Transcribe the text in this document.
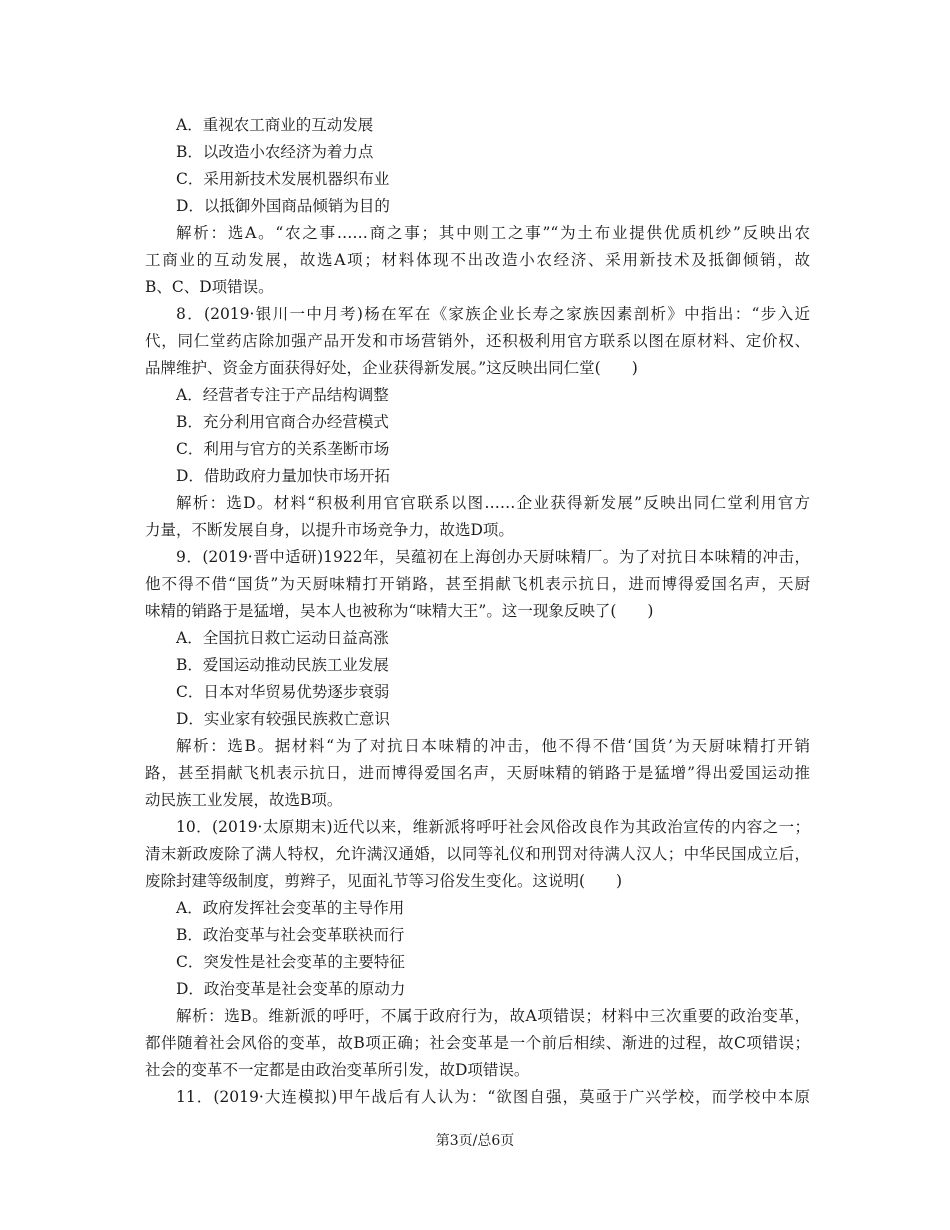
A．重视农工商业的互动发展
B．以改造小农经济为着力点
C．采用新技术发展机器织布业
D．以抵御外国商品倾销为目的
解析：选A。“农之事……商之事；其中则工之事”“为土布业提供优质机纱”反映出农
工商业的互动发展，故选A项；材料体现不出改造小农经济、采用新技术及抵御倾销，故
B、C、D项错误。
8．(2019·银川一中月考)杨在军在《家族企业长寿之家族因素剖析》中指出：“步入近
代，同仁堂药店除加强产品开发和市场营销外，还积极利用官方联系以图在原材料、定价权、
品牌维护、资金方面获得好处，企业获得新发展。”这反映出同仁堂(　　)
A．经营者专注于产品结构调整
B．充分利用官商合办经营模式
C．利用与官方的关系垄断市场
D．借助政府力量加快市场开拓
解析：选D。材料“积极利用官官联系以图……企业获得新发展”反映出同仁堂利用官方
力量，不断发展自身，以提升市场竞争力，故选D项。
9．(2019·晋中适研)1922年，吴蕴初在上海创办天厨味精厂。为了对抗日本味精的冲击，
他不得不借“国货”为天厨味精打开销路，甚至捐献飞机表示抗日，进而博得爱国名声，天厨
味精的销路于是猛增，吴本人也被称为“味精大王”。这一现象反映了(　　)
A．全国抗日救亡运动日益高涨
B．爱国运动推动民族工业发展
C．日本对华贸易优势逐步衰弱
D．实业家有较强民族救亡意识
解析：选B。据材料“为了对抗日本味精的冲击，他不得不借‘国货’为天厨味精打开销
路，甚至捐献飞机表示抗日，进而博得爱国名声，天厨味精的销路于是猛增”得出爱国运动推
动民族工业发展，故选B项。
10．(2019·太原期末)近代以来，维新派将呼吁社会风俗改良作为其政治宣传的内容之一；
清末新政废除了满人特权，允许满汉通婚，以同等礼仪和刑罚对待满人汉人；中华民国成立后，
废除封建等级制度，剪辫子，见面礼节等习俗发生变化。这说明(　　)
A．政府发挥社会变革的主导作用
B．政治变革与社会变革联袂而行
C．突发性是社会变革的主要特征
D．政治变革是社会变革的原动力
解析：选B。维新派的呼吁，不属于政府行为，故A项错误；材料中三次重要的政治变革，
都伴随着社会风俗的变革，故B项正确；社会变革是一个前后相续、渐进的过程，故C项错误；
社会的变革不一定都是由政治变革所引发，故D项错误。
11．(2019·大连模拟)甲午战后有人认为：“欲图自强，莫亟于广兴学校，而学校中本原
第3页/总6页
